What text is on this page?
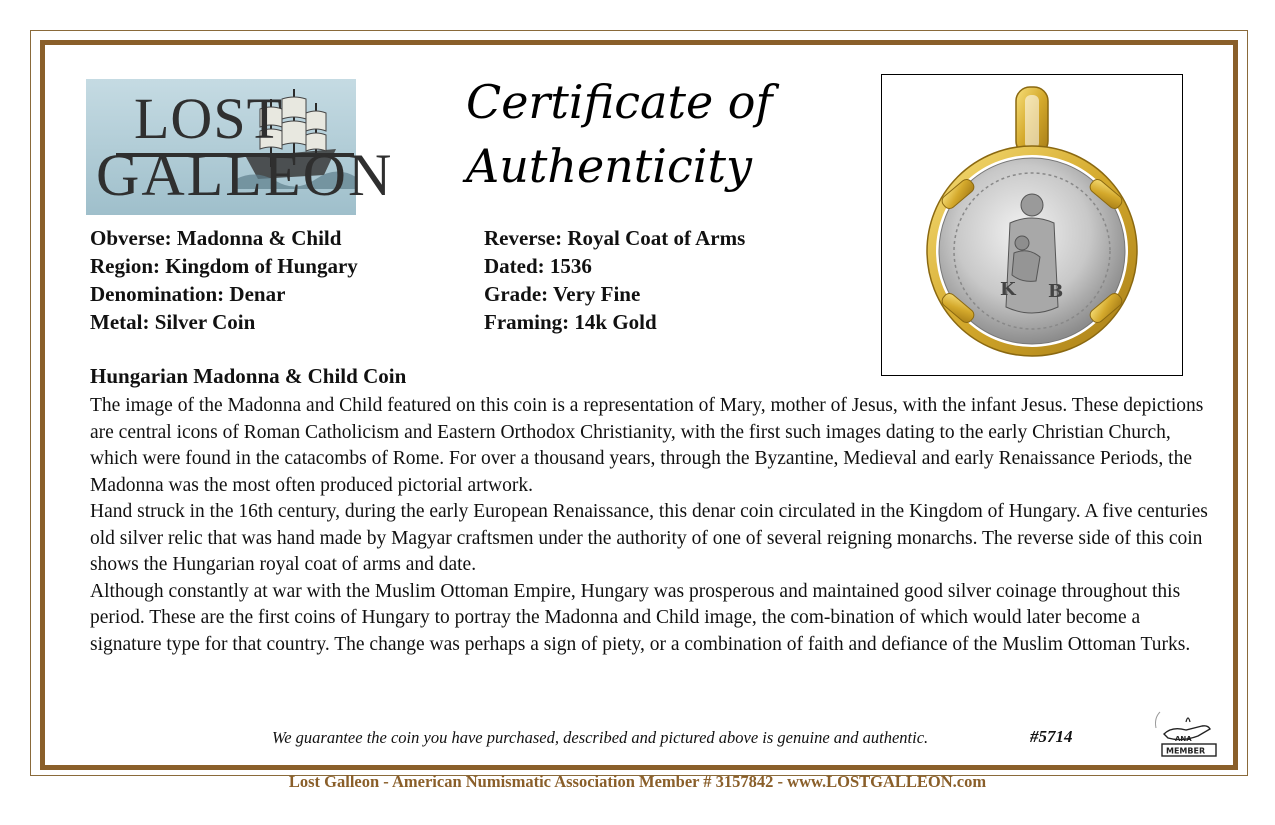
LOST
GALLEON
Certificate of
Authenticity
K B
Obverse: Madonna & Child
Region: Kingdom of Hungary
Denomination: Denar
Metal: Silver Coin
Reverse: Royal Coat of Arms
Dated: 1536
Grade: Very Fine
Framing: 14k Gold
Hungarian Madonna & Child Coin

The image of the Madonna and Child featured on this coin is a representation of Mary, mother of Jesus, with the infant Jesus. These depictions are central icons of Roman Catholicism and Eastern Orthodox Christianity, with the first such images dating to the early Christian Church, which were found in the catacombs of Rome. For over a thousand years, through the Byzantine, Medieval and early Renaissance Periods, the Madonna was the most often produced pictorial artwork.

Hand struck in the 16th century, during the early European Renaissance, this denar coin circulated in the Kingdom of Hungary. A five centuries old silver relic that was hand made by Magyar craftsmen under the authority of one of several reigning monarchs. The reverse side of this coin shows the Hungarian royal coat of arms and date.

Although constantly at war with the Muslim Ottoman Empire, Hungary was prosperous and maintained good silver coinage throughout this period. These are the first coins of Hungary to portray the Madonna and Child image, the com-bination of which would later become a signature type for that country. The change was perhaps a sign of piety, or a combination of faith and defiance of the Muslim Ottoman Turks.

We guarantee the coin you have purchased, described and pictured above is genuine and authentic.	#5714	ANA
MEMBER
Lost Galleon - American Numismatic Association Member # 3157842 - www.LOSTGALLEON.com
